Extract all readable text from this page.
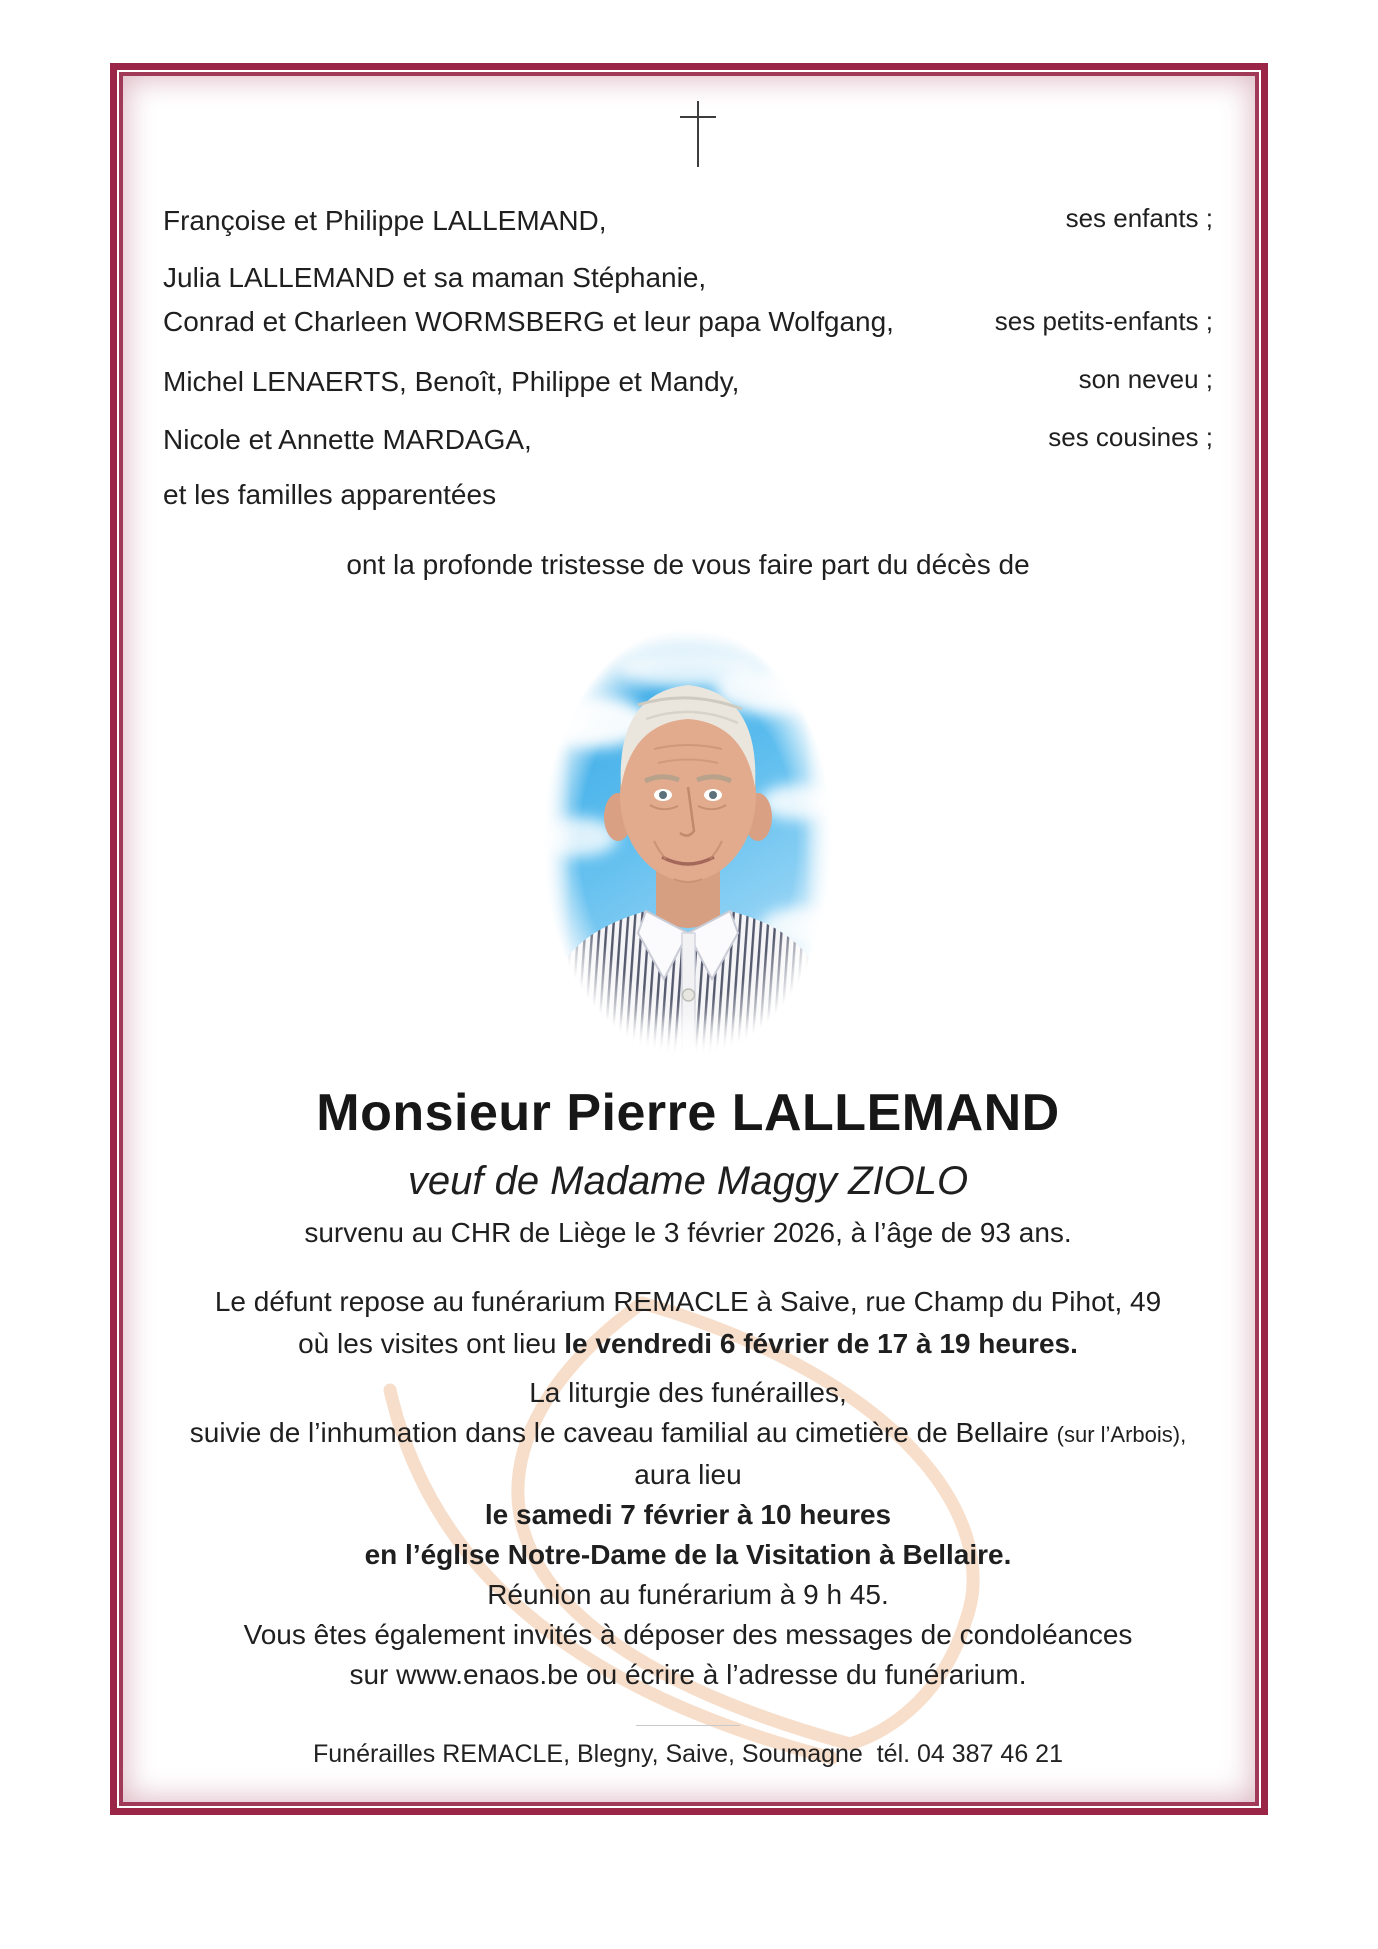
Françoise et Philippe LALLEMAND,	ses enfants ;
Julia LALLEMAND et sa maman Stéphanie,
Conrad et Charleen WORMSBERG et leur papa Wolfgang,	ses petits-enfants ;
Michel LENAERTS, Benoît, Philippe et Mandy,	son neveu ;
Nicole et Annette MARDAGA,	ses cousines ;
et les familles apparentées
ont la profonde tristesse de vous faire part du décès de
Monsieur Pierre LALLEMAND
veuf de Madame Maggy ZIOLO
survenu au CHR de Liège le 3 février 2026, à l’âge de 93 ans.
Le défunt repose au funérarium REMACLE à Saive, rue Champ du Pihot, 49
où les visites ont lieu le vendredi 6 février de 17 à 19 heures.
La liturgie des funérailles,
suivie de l’inhumation dans le caveau familial au cimetière de Bellaire (sur l’Arbois),
aura lieu
le samedi 7 février à 10 heures
en l’église Notre-Dame de la Visitation à Bellaire.
Réunion au funérarium à 9 h 45.
Vous êtes également invités à déposer des messages de condoléances
sur www.enaos.be ou écrire à l’adresse du funérarium.
Funérailles REMACLE, Blegny, Saive, Soumagne  tél. 04 387 46 21
